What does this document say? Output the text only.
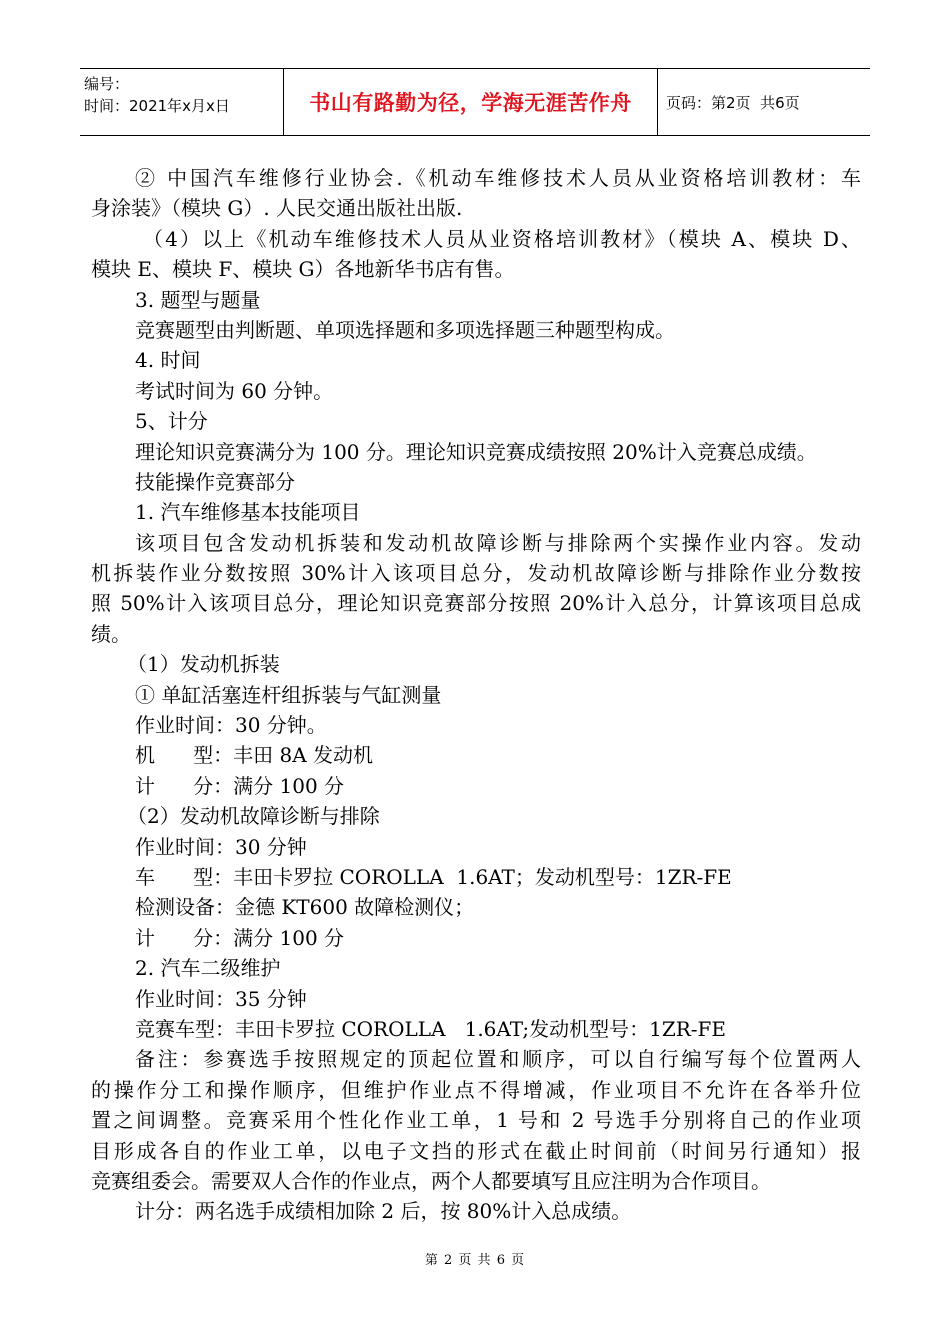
编号：
时间：2021年x月x日	书山有路勤为径，学海无涯苦作舟	页码：第2页  共6页
② 中国汽车维修行业协会.《机动车维修技术人员从业资格培训教材：车
身涂装》（模块 G）. 人民交通出版社出版.
（4）以上《机动车维修技术人员从业资格培训教材》（模块 A、模块 D、
模块 E、模块 F、模块 G）各地新华书店有售。
3. 题型与题量
竞赛题型由判断题、单项选择题和多项选择题三种题型构成。
4. 时间
考试时间为 60 分钟。
5、计分
理论知识竞赛满分为 100 分。理论知识竞赛成绩按照 20%计入竞赛总成绩。
技能操作竞赛部分
1. 汽车维修基本技能项目
该项目包含发动机拆装和发动机故障诊断与排除两个实操作业内容。发动
机拆装作业分数按照 30%计入该项目总分，发动机故障诊断与排除作业分数按
照 50%计入该项目总分，理论知识竞赛部分按照 20%计入总分，计算该项目总成
绩。
（1）发动机拆装
① 单缸活塞连杆组拆装与气缸测量
作业时间：30 分钟。
机      型：丰田 8A 发动机
计      分：满分 100 分
（2）发动机故障诊断与排除
作业时间：30 分钟
车      型：丰田卡罗拉 COROLLA  1.6AT；发动机型号：1ZR-FE
检测设备：金德 KT600 故障检测仪；
计      分：满分 100 分
2. 汽车二级维护
作业时间：35 分钟
竞赛车型：丰田卡罗拉 COROLLA   1.6AT;发动机型号：1ZR-FE
备注：参赛选手按照规定的顶起位置和顺序，可以自行编写每个位置两人
的操作分工和操作顺序，但维护作业点不得增减，作业项目不允许在各举升位
置之间调整。竞赛采用个性化作业工单，1 号和 2 号选手分别将自己的作业项
目形成各自的作业工单，以电子文挡的形式在截止时间前（时间另行通知）报
竞赛组委会。需要双人合作的作业点，两个人都要填写且应注明为合作项目。
计分：两名选手成绩相加除 2 后，按 80%计入总成绩。
第 2 页 共 6 页
